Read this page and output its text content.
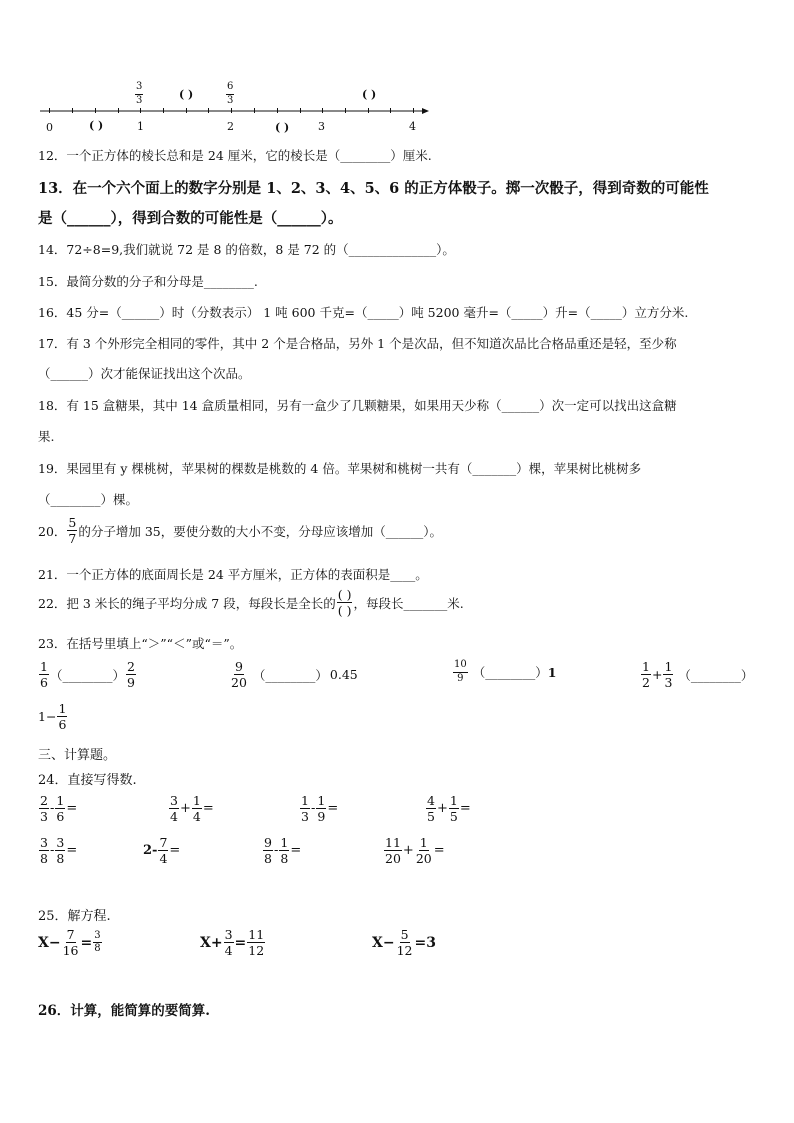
0	1	2	3	4
$\frac{3}{3}$	$\frac{6}{3}$
( )	( )
( )	( )
12．一个正方体的棱长总和是 24 厘米，它的棱长是（________）厘米.
13．在一个六个面上的数字分别是 1、2、3、4、5、6 的正方体骰子。掷一次骰子，得到奇数的可能性
是（______），得到合数的可能性是（______）。
14．72÷8=9,我们就说 72 是 8 的倍数，8 是 72 的（______________）。
15．最简分数的分子和分母是________.
16．45 分=（______）时（分数表示） 1 吨 600 千克=（_____）吨 5200 毫升=（_____）升=（_____）立方分米.
17．有 3 个外形完全相同的零件，其中 2 个是合格品，另外 1 个是次品，但不知道次品比合格品重还是轻，至少称
（______）次才能保证找出这个次品。
18．有 15 盒糖果，其中 14 盒质量相同，另有一盒少了几颗糖果，如果用天少称（______）次一定可以找出这盒糖
果.
19．果园里有 y 棵桃树，苹果树的棵数是桃数的 4 倍。苹果树和桃树一共有（_______）棵，苹果树比桃树多
（________）棵。
20． $\frac{5}{7}$ 的分子增加 35，要使分数的大小不变，分母应该增加（______）。
21．一个正方体的底面周长是 24 平方厘米，正方体的表面积是____。
22．把 3 米长的绳子平均分成 7 段，每段长是全长的 $\frac{( )}{( )}$ ，每段长_______米.
23．在括号里填上“＞”“＜”或“＝”。
$\frac{1}{6}$ （________） $\frac{2}{9}$	$\frac{9}{20}$ （________） 0.45	$\frac{10}{9}$ （________） 1	$\frac{1}{2} + \frac{1}{3}$ （________）
$1- \frac{1}{6}$
三、计算题。
24．直接写得数.
$\frac{2}{3} - \frac{1}{6}$ =	$\frac{3}{4} + \frac{1}{4}$ =	$\frac{1}{3} - \frac{1}{9}$ =	$\frac{4}{5} + \frac{1}{5}$ =
$\frac{3}{8} - \frac{3}{8}$ =	$2- \frac{7}{4}$ =	$\frac{9}{8} - \frac{1}{8}$ =	$\frac{11}{20} + \frac{1}{20}$ =
25．解方程.
$X- \frac{7}{16} = \frac{3}{8}$	$X+ \frac{3}{4} = \frac{11}{12}$	$X- \frac{5}{12} =3$
26．计算，能简算的要简算.
